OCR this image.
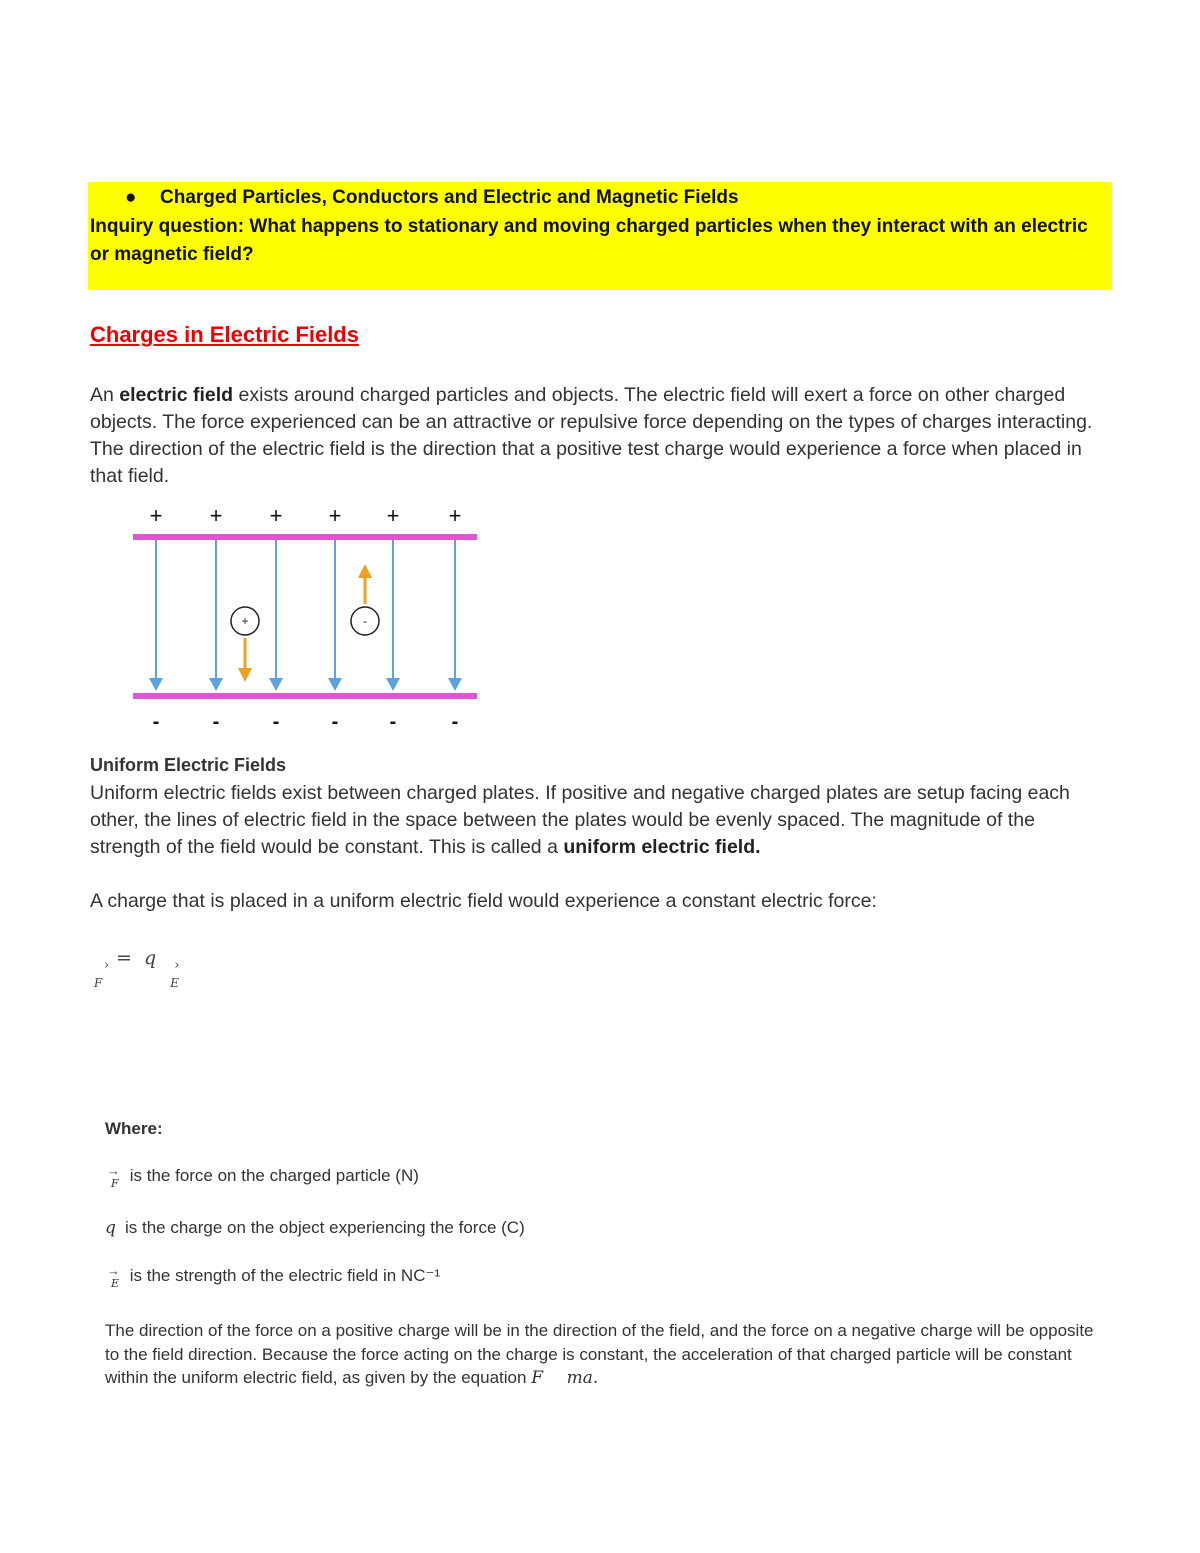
● Charged Particles, Conductors and Electric and Magnetic Fields
Inquiry question: What happens to stationary and moving charged particles when they interact with an electric or magnetic field?
Charges in Electric Fields
An electric field exists around charged particles and objects. The electric field will exert a force on other charged objects. The force experienced can be an attractive or repulsive force depending on the types of charges interacting. The direction of the electric field is the direction that a positive test charge would experience a force when placed in that field.
+ + + + + +
+	-
-	-	-	-	-	-
Uniform Electric Fields
Uniform electric fields exist between charged plates. If positive and negative charged plates are setup facing each other, the lines of electric field in the space between the plates would be evenly spaced. The magnitude of the strength of the field would be constant. This is called a uniform electric field.
A charge that is placed in a uniform electric field would experience a constant electric force:
›
F
= q ›
E
Where:
→
F is the force on the charged particle (N)
q is the charge on the object experiencing the force (C)
→
E is the strength of the electric field in NC⁻¹
The direction of the force on a positive charge will be in the direction of the field, and the force on a negative charge will be opposite to the field direction. Because the force acting on the charge is constant, the acceleration of that charged particle will be constant within the uniform electric field, as given by the equation F ma.
